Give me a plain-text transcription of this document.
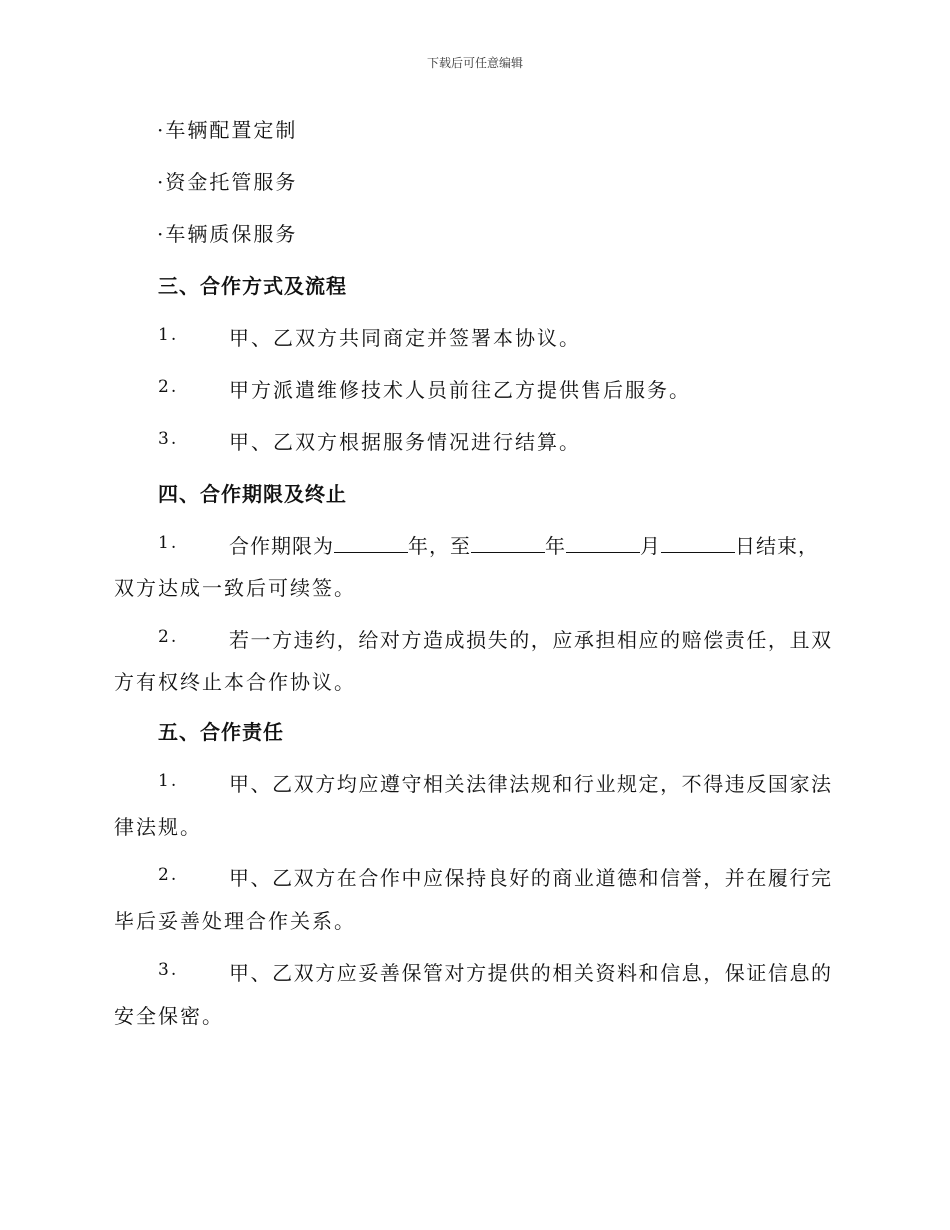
下载后可任意编辑
·车辆配置定制
·资金托管服务
·车辆质保服务
三、合作方式及流程
1.	甲、乙双方共同商定并签署本协议。
2.	甲方派遣维修技术人员前往乙方提供售后服务。
3.	甲、乙双方根据服务情况进行结算。
四、合作期限及终止
1.	合作期限为	年，至	年	月	日结束，
双方达成一致后可续签。
2.	若一方违约，给对方造成损失的，应承担相应的赔偿责任，且双
方有权终止本合作协议。
五、合作责任
1.	甲、乙双方均应遵守相关法律法规和行业规定，不得违反国家法
律法规。
2.	甲、乙双方在合作中应保持良好的商业道德和信誉，并在履行完
毕后妥善处理合作关系。
3.	甲、乙双方应妥善保管对方提供的相关资料和信息，保证信息的
安全保密。
